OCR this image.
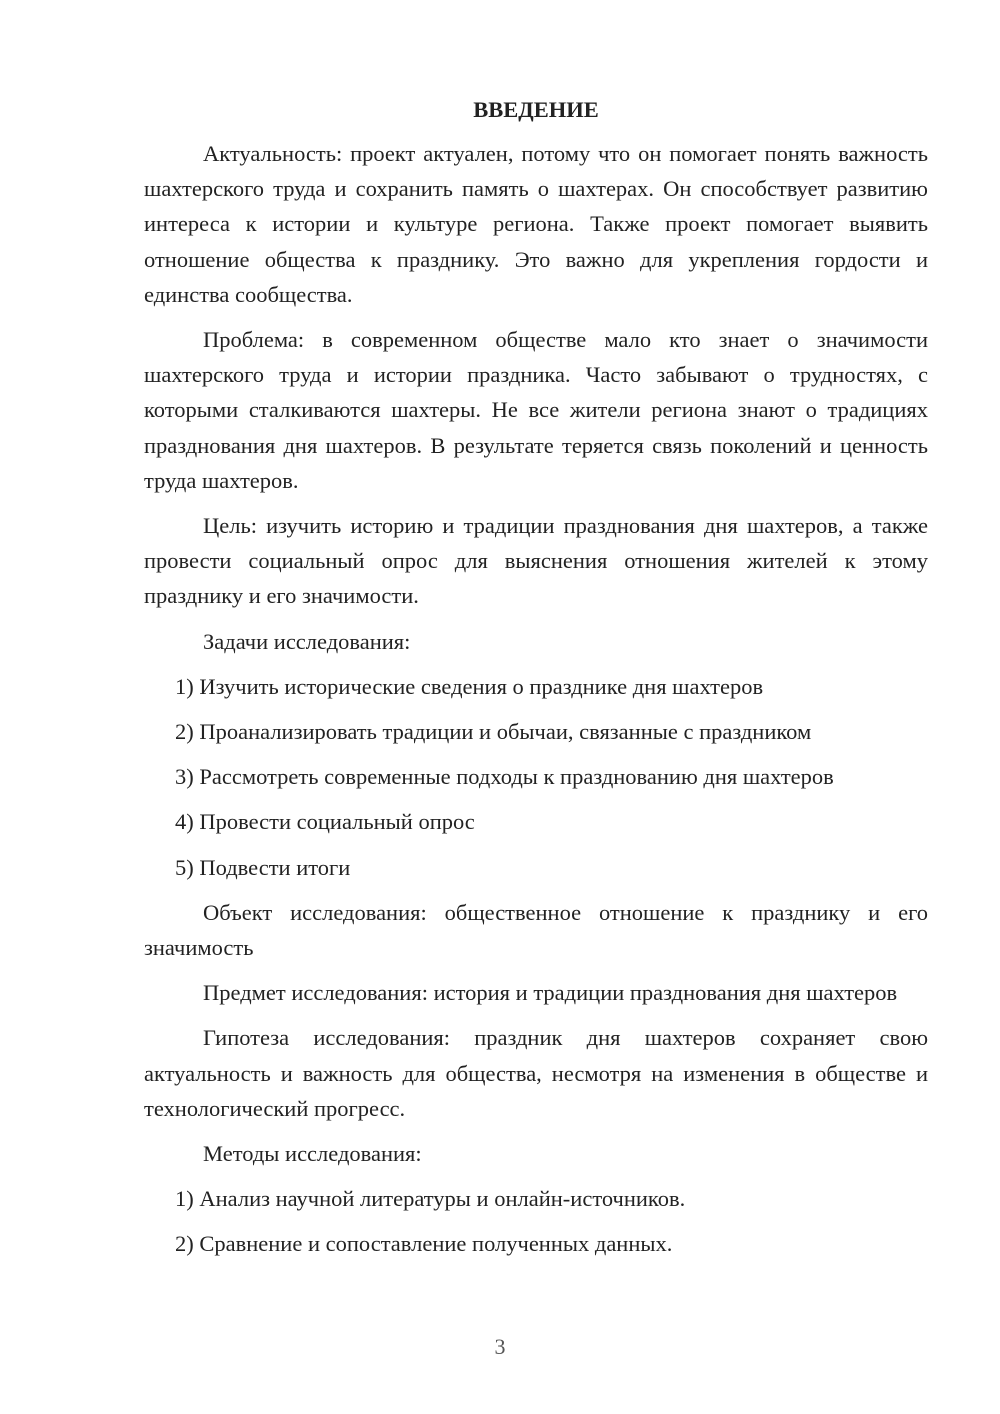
ВВЕДЕНИЕ
Актуальность: проект актуален, потому что он помогает понять важность шахтерского труда и сохранить память о шахтерах. Он способствует развитию интереса к истории и культуре региона. Также проект помогает выявить отношение общества к празднику. Это важно для укрепления гордости и единства сообщества.
Проблема: в современном обществе мало кто знает о значимости шахтерского труда и истории праздника. Часто забывают о трудностях, с которыми сталкиваются шахтеры. Не все жители региона знают о традициях празднования дня шахтеров. В результате теряется связь поколений и ценность труда шахтеров.
Цель: изучить историю и традиции празднования дня шахтеров, а также провести социальный опрос для выяснения отношения жителей к этому празднику и его значимости.
Задачи исследования:
1) Изучить исторические сведения о празднике дня шахтеров
2) Проанализировать традиции и обычаи, связанные с праздником
3) Рассмотреть современные подходы к празднованию дня шахтеров
4) Провести социальный опрос
5) Подвести итоги
Объект исследования: общественное отношение к празднику и его значимость
Предмет исследования: история и традиции празднования дня шахтеров
Гипотеза исследования: праздник дня шахтеров сохраняет свою актуальность и важность для общества, несмотря на изменения в обществе и технологический прогресс.
Методы исследования:
1) Анализ научной литературы и онлайн-источников.
2) Сравнение и сопоставление полученных данных.
3
